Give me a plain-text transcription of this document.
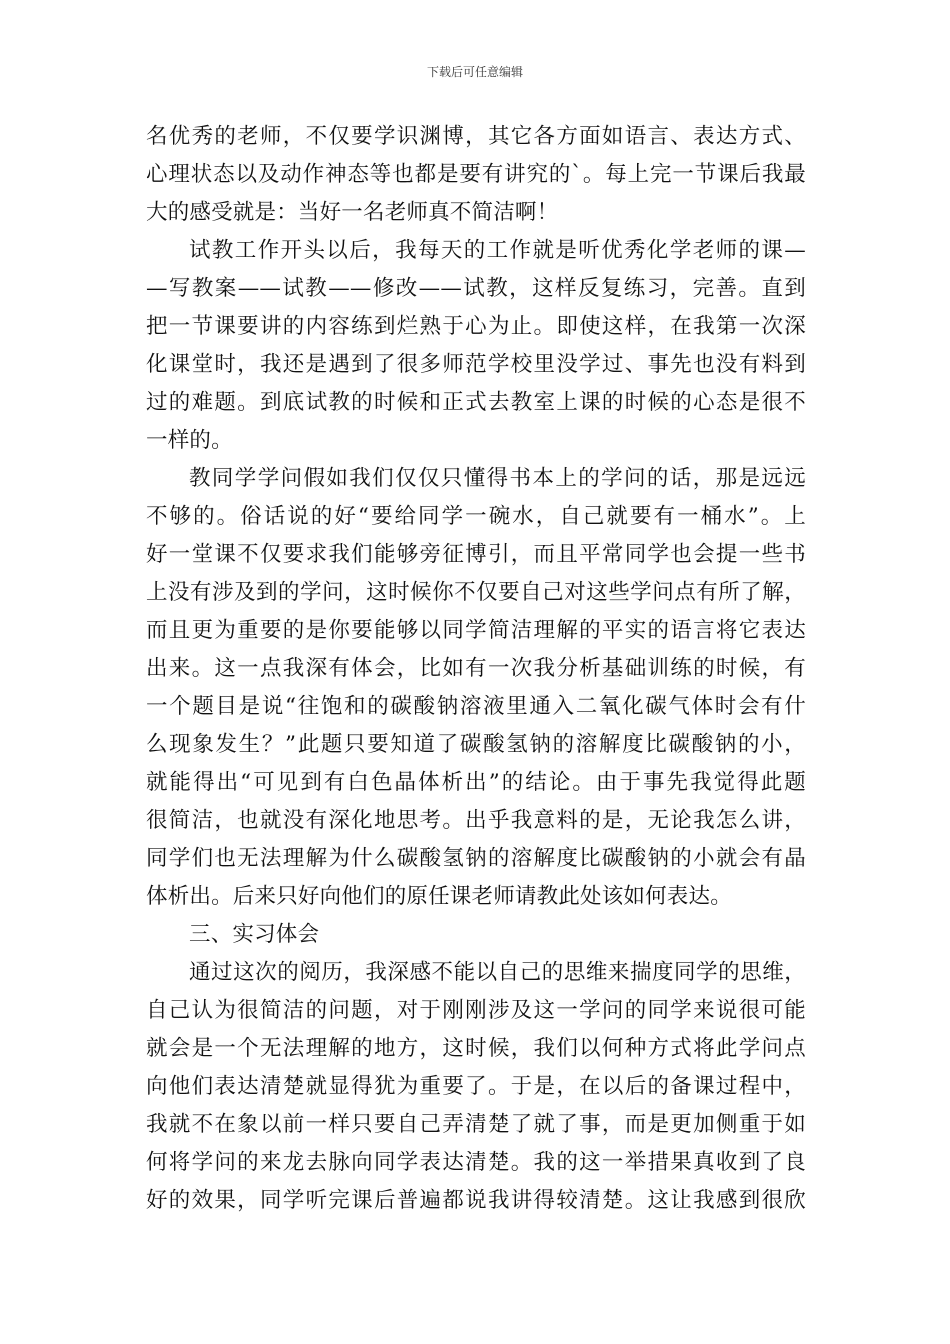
下载后可任意编辑
名优秀的老师，不仅要学识渊博，其它各方面如语言、表达方式、
心理状态以及动作神态等也都是要有讲究的`。每上完一节课后我最
大的感受就是：当好一名老师真不简洁啊！
试教工作开头以后，我每天的工作就是听优秀化学老师的课—
—写教案——试教——修改——试教，这样反复练习，完善。直到
把一节课要讲的内容练到烂熟于心为止。即使这样，在我第一次深
化课堂时，我还是遇到了很多师范学校里没学过、事先也没有料到
过的难题。到底试教的时候和正式去教室上课的时候的心态是很不
一样的。
教同学学问假如我们仅仅只懂得书本上的学问的话，那是远远
不够的。俗话说的好“要给同学一碗水，自己就要有一桶水”。上
好一堂课不仅要求我们能够旁征博引，而且平常同学也会提一些书
上没有涉及到的学问，这时候你不仅要自己对这些学问点有所了解，
而且更为重要的是你要能够以同学简洁理解的平实的语言将它表达
出来。这一点我深有体会，比如有一次我分析基础训练的时候，有
一个题目是说“往饱和的碳酸钠溶液里通入二氧化碳气体时会有什
么现象发生？”此题只要知道了碳酸氢钠的溶解度比碳酸钠的小，
就能得出“可见到有白色晶体析出”的结论。由于事先我觉得此题
很简洁，也就没有深化地思考。出乎我意料的是，无论我怎么讲，
同学们也无法理解为什么碳酸氢钠的溶解度比碳酸钠的小就会有晶
体析出。后来只好向他们的原任课老师请教此处该如何表达。
三、实习体会
通过这次的阅历，我深感不能以自己的思维来揣度同学的思维，
自己认为很简洁的问题，对于刚刚涉及这一学问的同学来说很可能
就会是一个无法理解的地方，这时候，我们以何种方式将此学问点
向他们表达清楚就显得犹为重要了。于是，在以后的备课过程中，
我就不在象以前一样只要自己弄清楚了就了事，而是更加侧重于如
何将学问的来龙去脉向同学表达清楚。我的这一举措果真收到了良
好的效果，同学听完课后普遍都说我讲得较清楚。这让我感到很欣
